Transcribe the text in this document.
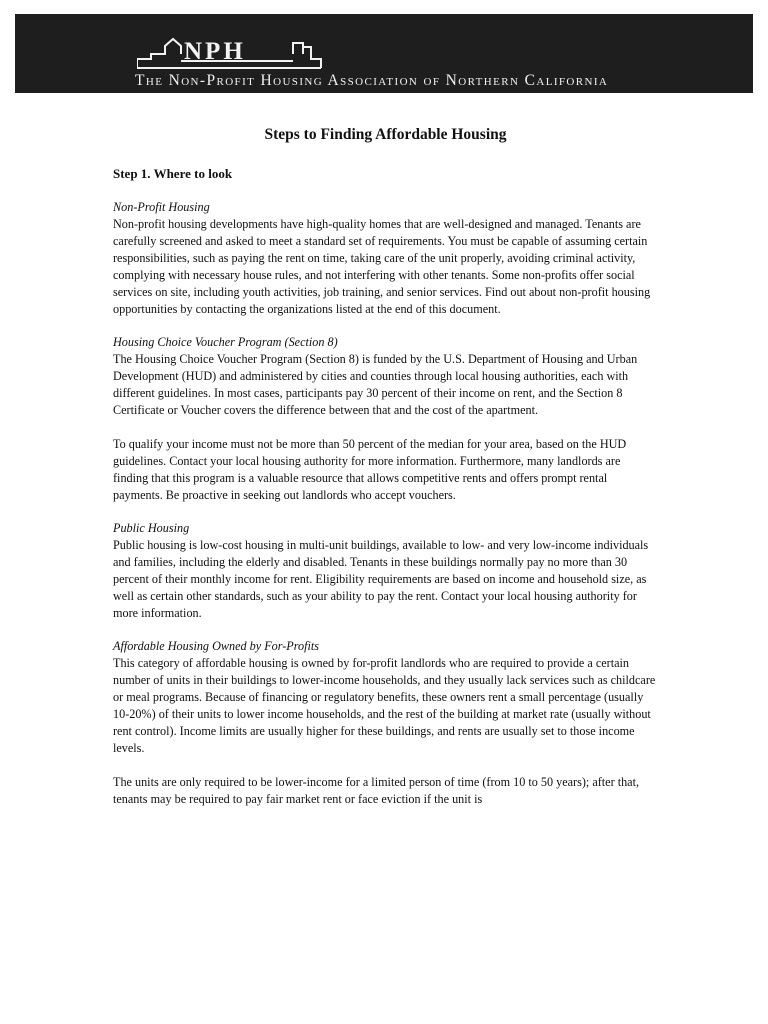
NPH
The Non-Profit Housing Association of Northern California
Steps to Finding Affordable Housing
Step 1. Where to look

Non-Profit Housing

Non-profit housing developments have high-quality homes that are well-designed and managed. Tenants are carefully screened and asked to meet a standard set of requirements. You must be capable of assuming certain responsibilities, such as paying the rent on time, taking care of the unit properly, avoiding criminal activity, complying with necessary house rules, and not interfering with other tenants. Some non-profits offer social services on site, including youth activities, job training, and senior services. Find out about non-profit housing opportunities by contacting the organizations listed at the end of this document.

Housing Choice Voucher Program (Section 8)

The Housing Choice Voucher Program (Section 8) is funded by the U.S. Department of Housing and Urban Development (HUD) and administered by cities and counties through local housing authorities, each with different guidelines. In most cases, participants pay 30 percent of their income on rent, and the Section 8 Certificate or Voucher covers the difference between that and the cost of the apartment.

To qualify your income must not be more than 50 percent of the median for your area, based on the HUD guidelines. Contact your local housing authority for more information. Furthermore, many landlords are finding that this program is a valuable resource that allows competitive rents and offers prompt rental payments. Be proactive in seeking out landlords who accept vouchers.

Public Housing

Public housing is low-cost housing in multi-unit buildings, available to low- and very low-income individuals and families, including the elderly and disabled. Tenants in these buildings normally pay no more than 30 percent of their monthly income for rent. Eligibility requirements are based on income and household size, as well as certain other standards, such as your ability to pay the rent. Contact your local housing authority for more information.

Affordable Housing Owned by For-Profits

This category of affordable housing is owned by for-profit landlords who are required to provide a certain number of units in their buildings to lower-income households, and they usually lack services such as childcare or meal programs. Because of financing or regulatory benefits, these owners rent a small percentage (usually 10-20%) of their units to lower income households, and the rest of the building at market rate (usually without rent control). Income limits are usually higher for these buildings, and rents are usually set to those income levels.

The units are only required to be lower-income for a limited person of time (from 10 to 50 years); after that, tenants may be required to pay fair market rent or face eviction if the unit is
